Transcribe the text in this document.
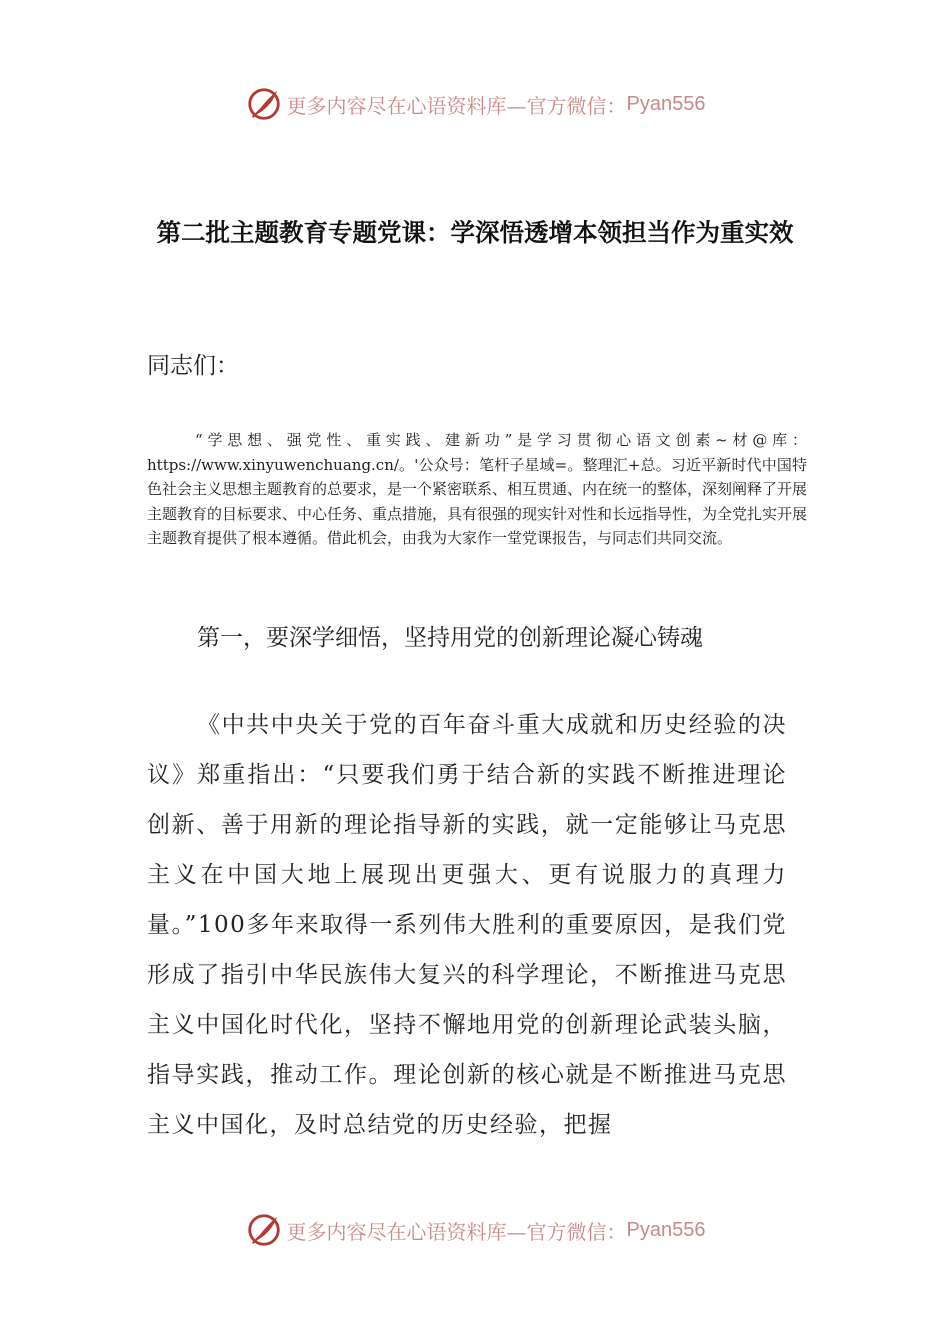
更多内容尽在心语资料库—官方微信： Pyan556
第二批主题教育专题党课：学深悟透增本领担当作为重实效
同志们：

“学思想、强党性、重实践、建新功”是学习贯彻心语文创素~材@库：https://www.xinyuwenchuang.cn/。'公众号：笔杆子星域=。整理汇+总。习近平新时代中国特色社会主义思想主题教育的总要求，是一个紧密联系、相互贯通、内在统一的整体，深刻阐释了开展主题教育的目标要求、中心任务、重点措施，具有很强的现实针对性和长远指导性，为全党扎实开展主题教育提供了根本遵循。借此机会，由我为大家作一堂党课报告，与同志们共同交流。

第一，要深学细悟，坚持用党的创新理论凝心铸魂

《中共中央关于党的百年奋斗重大成就和历史经验的决议》郑重指出：“只要我们勇于结合新的实践不断推进理论创新、善于用新的理论指导新的实践，就一定能够让马克思主义在中国大地上展现出更强大、更有说服力的真理力量。”100多年来取得一系列伟大胜利的重要原因，是我们党形成了指引中华民族伟大复兴的科学理论，不断推进马克思主义中国化时代化，坚持不懈地用党的创新理论武装头脑，指导实践，推动工作。理论创新的核心就是不断推进马克思主义中国化，及时总结党的历史经验，把握

更多内容尽在心语资料库—官方微信： Pyan556
